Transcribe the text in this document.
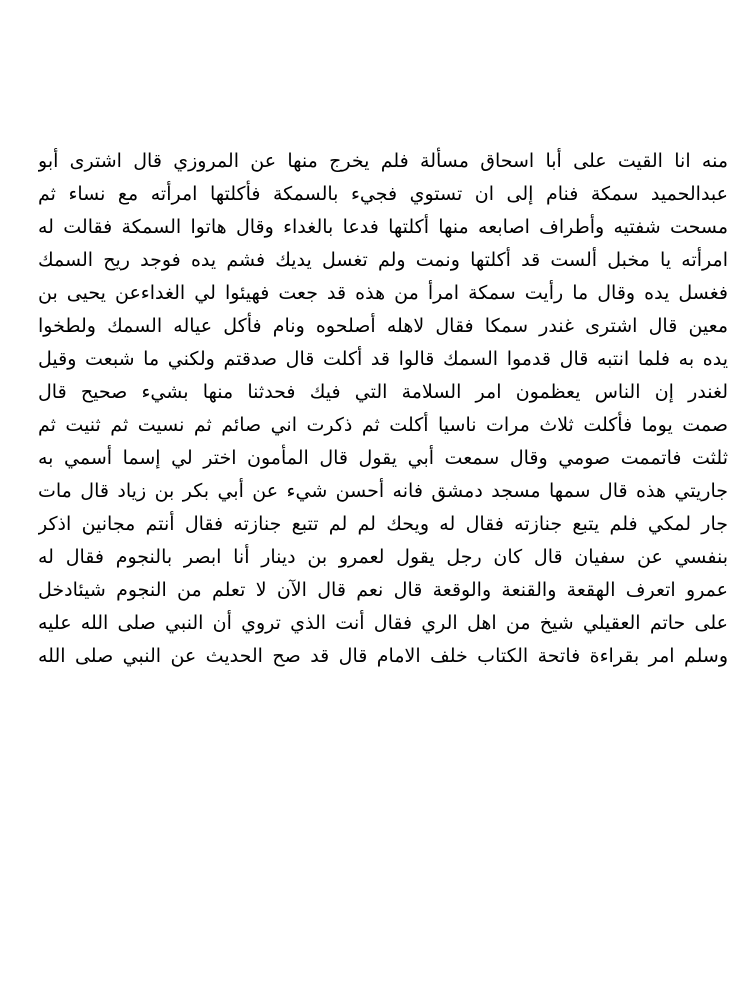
منه انا القيت على أبا اسحاق مسألة فلم يخرج منها عن المروزي قال اشترى أبو
عبدالحميد سمكة فنام إلى ان تستوي فجيء بالسمكة فأكلتها امرأته مع نساء ثم
مسحت شفتيه وأطراف اصابعه منها أكلتها فدعا بالغداء وقال هاتوا السمكة فقالت له
امرأته يا مخبل ألست قد أكلتها ونمت ولم تغسل يديك فشم يده فوجد ريح السمك
فغسل يده وقال ما رأيت سمكة امرأ من هذه قد جعت فهيئوا لي الغداءعن يحيى بن
معين قال اشترى غندر سمكا فقال لاهله أصلحوه ونام فأكل عياله السمك ولطخوا
يده به فلما انتبه قال قدموا السمك قالوا قد أكلت قال صدقتم ولكني ما شبعت وقيل
لغندر إن الناس يعظمون امر السلامة التي فيك فحدثنا منها بشيء صحيح قال
صمت يوما فأكلت ثلاث مرات ناسيا أكلت ثم ذكرت اني صائم ثم نسيت ثم ثنيت ثم
ثلثت فاتممت صومي وقال سمعت أبي يقول قال المأمون اختر لي إسما أسمي به
جاريتي هذه قال سمها مسجد دمشق فانه أحسن شيء عن أبي بكر بن زياد قال مات
جار لمكي فلم يتبع جنازته فقال له ويحك لم لم تتبع جنازته فقال أنتم مجانين اذكر
بنفسي عن سفيان قال كان رجل يقول لعمرو بن دينار أنا ابصر بالنجوم فقال له
عمرو اتعرف الهقعة والقنعة والوقعة قال نعم قال الآن لا تعلم من النجوم شيئادخل
على حاتم العقيلي شيخ من اهل الري فقال أنت الذي تروي أن النبي صلى الله عليه
وسلم امر بقراءة فاتحة الكتاب خلف الامام قال قد صح الحديث عن النبي صلى الله
